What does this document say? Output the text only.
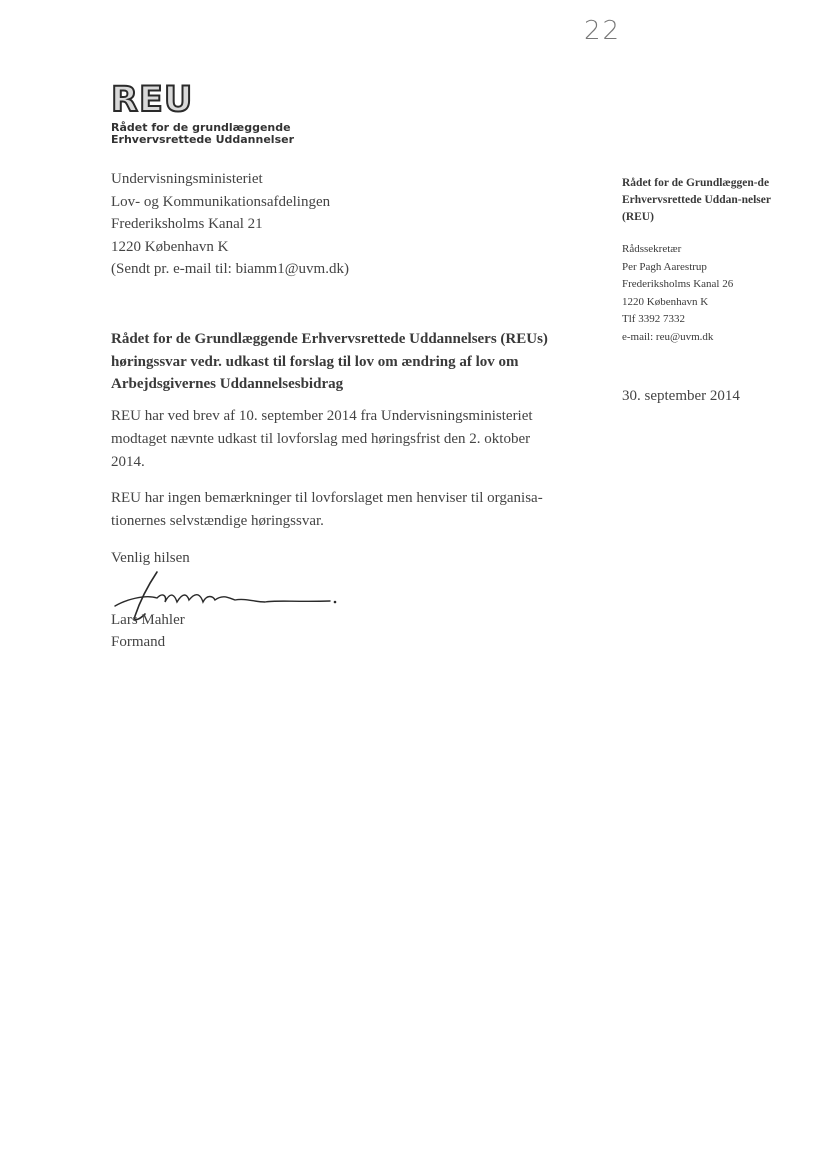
22
REU
Rådet for de grundlæggende
Erhvervsrettede Uddannelser
Undervisningsministeriet
Lov- og Kommunikationsafdelingen
Frederiksholms Kanal 21
1220 København K
(Sendt pr. e-mail til: biamm1@uvm.dk)
Rådet for de Grundlæggen-de Erhvervsrettede Uddan-nelser (REU)
Rådssekretær
Per Pagh Aarestrup
Frederiksholms Kanal 26
1220 København K
Tlf 3392 7332
e-mail: reu@uvm.dk
30. september 2014
Rådet for de Grundlæggende Erhvervsrettede Uddannelsers (REUs) høringssvar vedr. udkast til forslag til lov om ændring af lov om Arbejdsgivernes Uddannelsesbidrag
REU har ved brev af 10. september 2014 fra Undervisningsministeriet modtaget nævnte udkast til lovforslag med høringsfrist den 2. oktober 2014.
REU har ingen bemærkninger til lovforslaget men henviser til organisa-tionernes selvstændige høringssvar.
Venlig hilsen
Lars Mahler
Formand
